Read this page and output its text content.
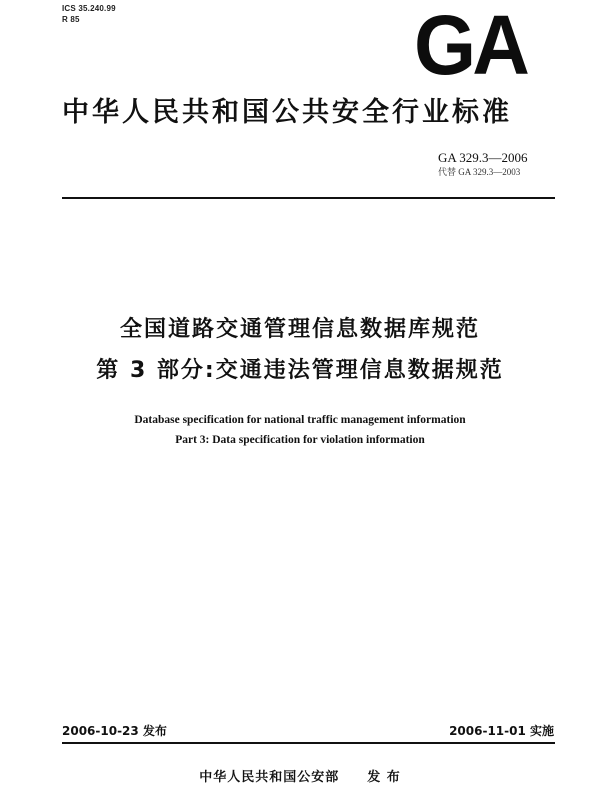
ICS 35.240.99
R 85	GA
中华人民共和国公共安全行业标准
GA 329.3—2006
代替 GA 329.3—2003
全国道路交通管理信息数据库规范
第 3 部分:交通违法管理信息数据规范
Database specification for national traffic management information
Part 3: Data specification for violation information
2006-10-23 发布	2006-11-01 实施
中华人民共和国公安部　　发 布
